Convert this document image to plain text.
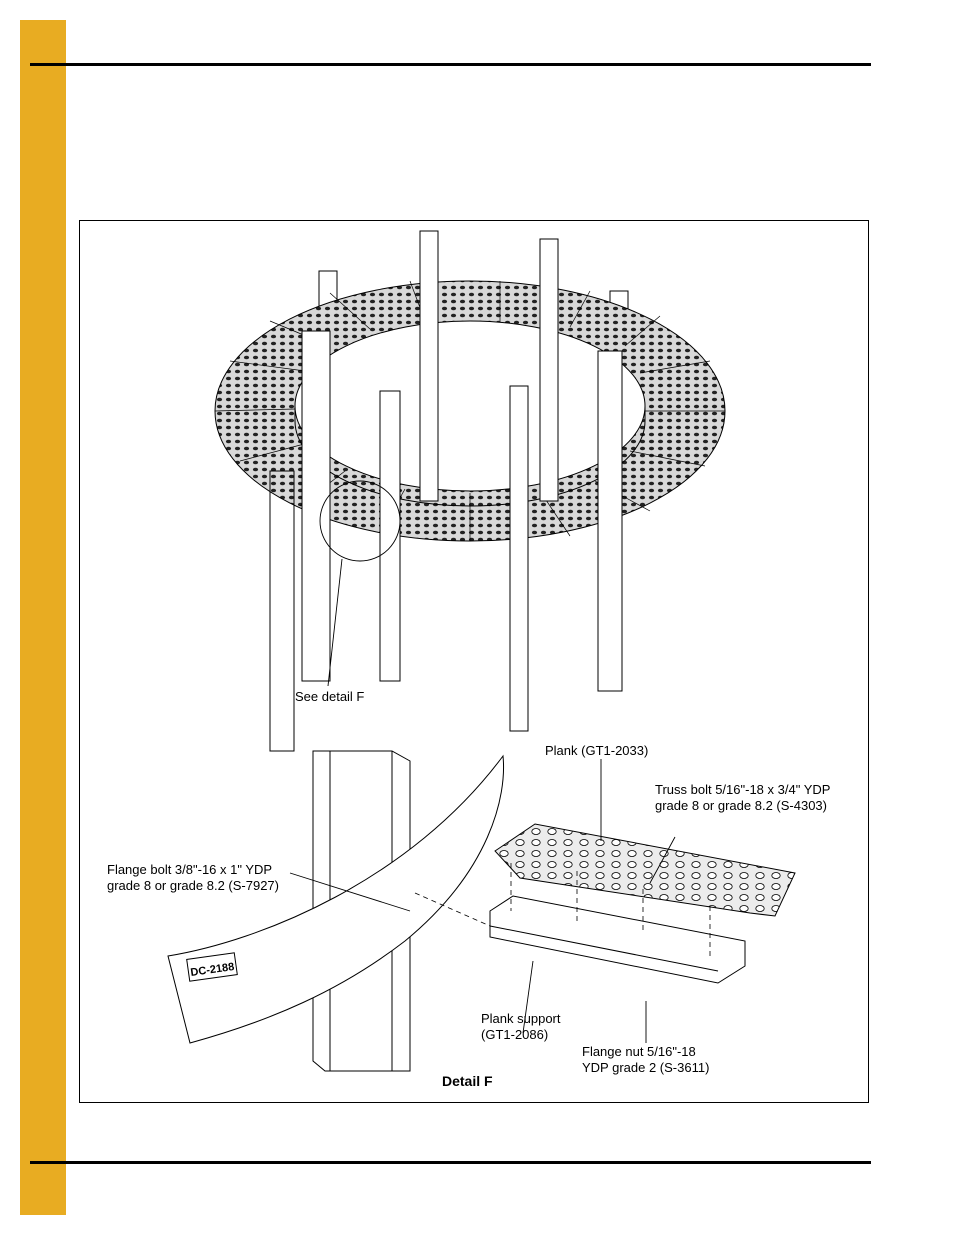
DC-2188

See detail F

Plank (GT1-2033)

Truss bolt 5/16"-18 x 3/4" YDP
grade 8 or grade 8.2 (S-4303)

Flange bolt 3/8"-16 x 1" YDP
grade 8 or grade 8.2 (S-7927)

Plank support
(GT1-2086)

Flange nut 5/16"-18
YDP grade 2 (S-3611)

Detail F
